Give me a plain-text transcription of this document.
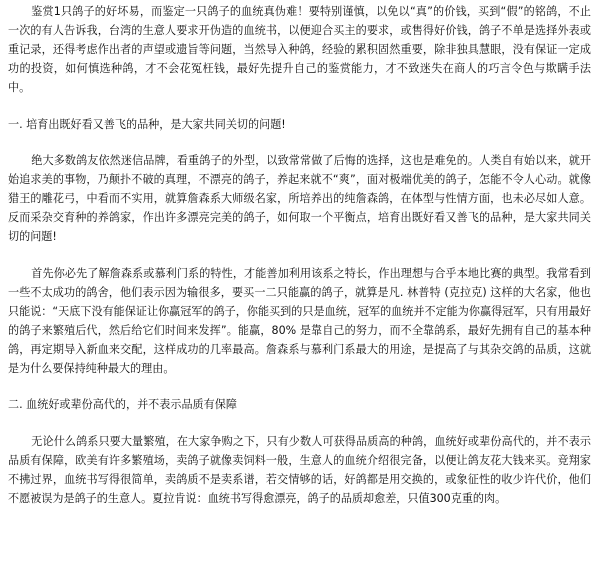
鉴赏1只鸽子的好坏易，而鉴定一只鸽子的血统真伪难！要特别谨慎，以免以“真”的价钱，买到“假”的铭鸽，不止一次的有人告诉我，台湾的生意人要求开伪造的血统书，以便迎合买主的要求，或售得好价钱，鸽子不单是选择外表或重记录，还得考虑作出者的声望或遗旨等问题，当然导入种鸽，经验的累积固然重要，除非独具慧眼，没有保证一定成功的投资，如何慎选种鸽，才不会花冤枉钱，最好先提升自己的鉴赏能力，才不致迷失在商人的巧言令色与欺瞒手法中。

一. 培育出既好看又善飞的品种，是大家共同关切的问题!

绝大多数鸽友依然迷信品牌，看重鸽子的外型，以致常常做了后悔的选择，这也是难免的。人类自有始以来，就开始追求美的事物，乃颠扑不破的真理，不漂亮的鸽子，养起来就不“爽”，面对极端优美的鸽子，怎能不令人心动。就像猎王的雕花弓，中看而不实用，就算詹森系大师级名家，所培养出的纯詹森鸽，在体型与性情方面，也未必尽如人意。反而采杂交育种的养鸽家，作出许多漂亮完美的鸽子，如何取一个平衡点，培育出既好看又善飞的品种，是大家共同关切的问题!

首先你必先了解詹森系或慕利门系的特性，才能善加利用该系之特长，作出理想与合乎本地比赛的典型。我常看到一些不太成功的鸽舍，他们表示因为输很多，要买一二只能赢的鸽子，就算是凡. 林普特 (克拉克) 这样的大名家，他也只能说：“天底下没有能保证让你赢冠军的鸽子，你能买到的只是血统，冠军的血统并不定能为你赢得冠军，只有用最好的鸽子来繁殖后代，然后给它们时间来发挥”。能赢，80% 是靠自己的努力，而不全靠鸽系，最好先拥有自己的基本种鸽，再定期导入新血来交配，这样成功的几率最高。詹森系与慕利门系最大的用途，是提高了与其杂交鸽的品质，这就是为什么要保持纯种最大的理由。

二. 血统好或辈份高代的，并不表示品质有保障

无论什么鸽系只要大量繁殖，在大家争购之下，只有少数人可获得品质高的种鸽，血统好或辈份高代的，并不表示品质有保障，欧美有许多繁殖场，卖鸽子就像卖饲料一般，生意人的血统介绍很完备，以便让鸽友花大钱来买。竞翔家不拂过界，血统书写得很简单，卖鸽质不是卖系谱，若交情够的话，好鸽都是用交换的，或象征性的收少许代价，他们不愿被误为是鸽子的生意人。夏拉肯说：血统书写得愈漂亮，鸽子的品质却愈差，只值300克重的肉。
